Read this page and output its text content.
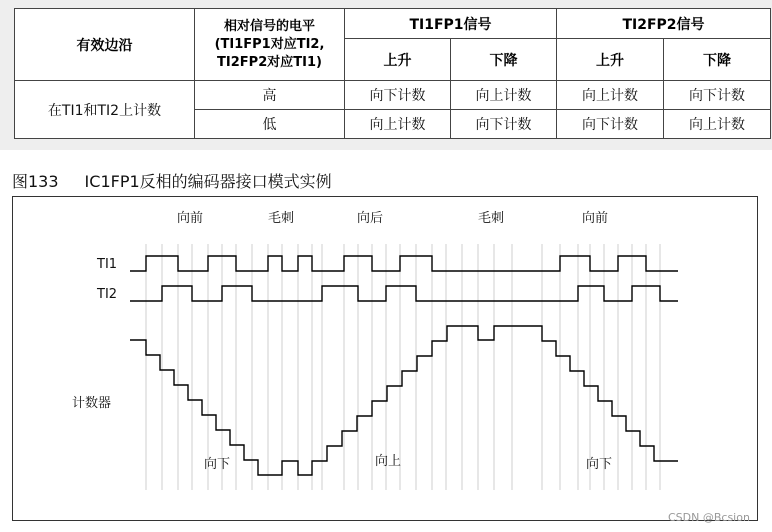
有效边沿	相对信号的电平
(TI1FP1对应TI2,
TI2FP2对应TI1)	TI1FP1信号		TI2FP2信号	
		上升	下降	上升	下降
在TI1和TI2上计数	高	向下计数	向上计数	向上计数	向下计数
	低	向上计数	向下计数	向下计数	向上计数
图133 IC1FP1反相的编码器接口模式实例
向前	毛刺	向后	毛刺	向前
TI1
TI2
计数器
向下	向上	向下
CSDN @Bcsion
